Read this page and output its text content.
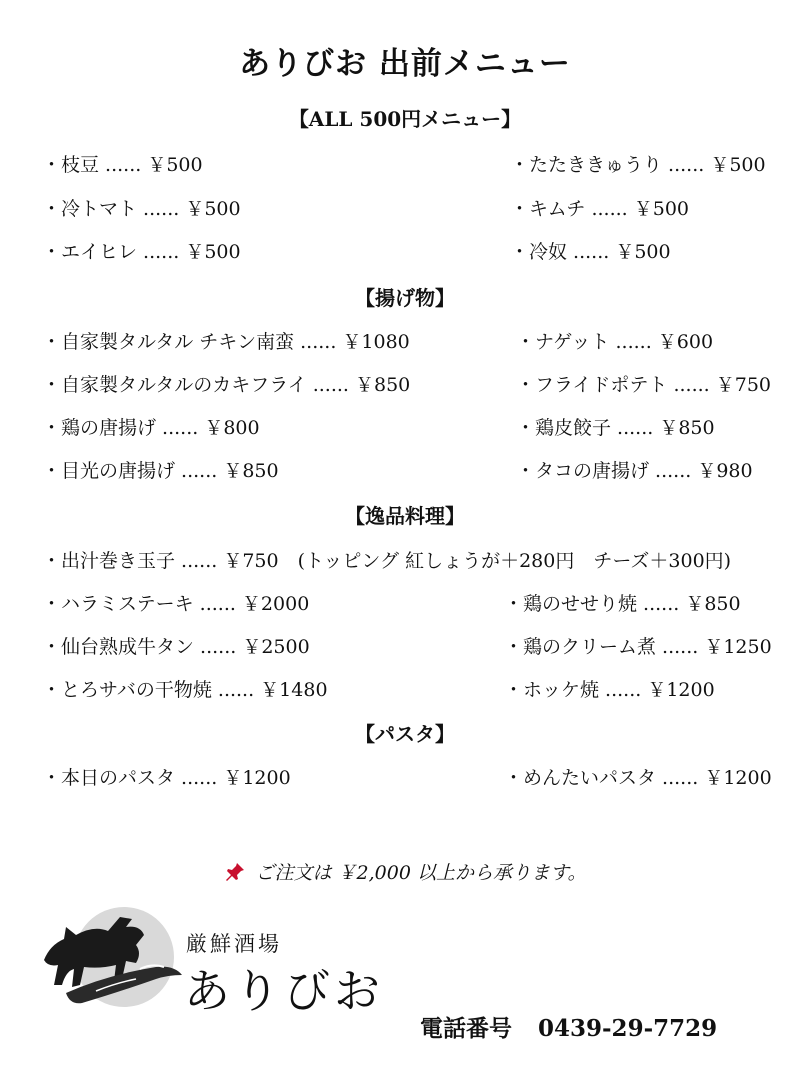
ありびお 出前メニュー
【ALL 500円メニュー】
・枝豆 ...... ￥500	・たたききゅうり ...... ￥500
・冷トマト ...... ￥500	・キムチ ...... ￥500
・エイヒレ ...... ￥500	・冷奴 ...... ￥500
【揚げ物】
・自家製タルタル チキン南蛮 ...... ￥1080	・ナゲット ...... ￥600
・自家製タルタルのカキフライ ...... ￥850	・フライドポテト ...... ￥750
・鶏の唐揚げ ...... ￥800	・鶏皮餃子 ...... ￥850
・目光の唐揚げ ...... ￥850	・タコの唐揚げ ...... ￥980
【逸品料理】
・出汁巻き玉子 ...... ￥750　(トッピング 紅しょうが＋280円　チーズ＋300円)
・ハラミステーキ ...... ￥2000	・鶏のせせり焼 ...... ￥850
・仙台熟成牛タン ...... ￥2500	・鶏のクリーム煮 ...... ￥1250
・とろサバの干物焼 ...... ￥1480	・ホッケ焼 ...... ￥1200
【パスタ】
・本日のパスタ ...... ￥1200	・めんたいパスタ ...... ￥1200
ご注文は ￥2,000 以上から承ります。
厳鮮酒場
ありびお
電話番号 0439-29-7729
